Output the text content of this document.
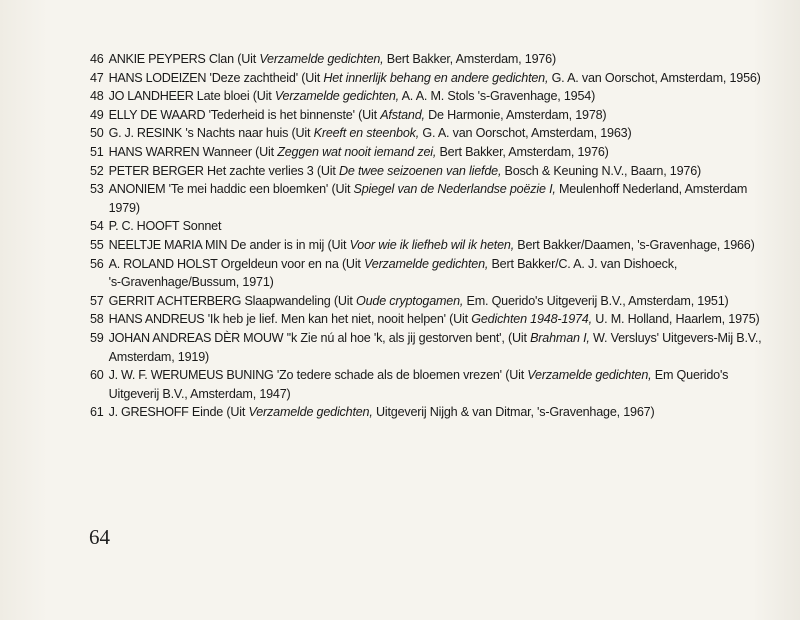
46 ANKIE PEYPERS Clan (Uit Verzamelde gedichten, Bert Bakker, Amsterdam, 1976)
47 HANS LODEIZEN 'Deze zachtheid' (Uit Het innerlijk behang en andere gedichten, G. A. van Oorschot, Amsterdam, 1956)
48 JO LANDHEER Late bloei (Uit Verzamelde gedichten, A. A. M. Stols 's-Gravenhage, 1954)
49 ELLY DE WAARD 'Tederheid is het binnenste' (Uit Afstand, De Harmonie, Amsterdam, 1978)
50 G. J. RESINK 's Nachts naar huis (Uit Kreeft en steenbok, G. A. van Oorschot, Amsterdam, 1963)
51 HANS WARREN Wanneer (Uit Zeggen wat nooit iemand zei, Bert Bakker, Amsterdam, 1976)
52 PETER BERGER Het zachte verlies 3 (Uit De twee seizoenen van liefde, Bosch & Keuning N.V., Baarn, 1976)
53 ANONIEM 'Te mei haddic een bloemken' (Uit Spiegel van de Nederlandse poëzie I, Meulenhoff Nederland, Amsterdam
1979)
54 P. C. HOOFT Sonnet
55 NEELTJE MARIA MIN De ander is in mij (Uit Voor wie ik liefheb wil ik heten, Bert Bakker/Daamen, 's-Gravenhage, 1966)
56 A. ROLAND HOLST Orgeldeun voor en na (Uit Verzamelde gedichten, Bert Bakker/C. A. J. van Dishoeck,
's-Gravenhage/Bussum, 1971)
57 GERRIT ACHTERBERG Slaapwandeling (Uit Oude cryptogamen, Em. Querido's Uitgeverij B.V., Amsterdam, 1951)
58 HANS ANDREUS 'Ik heb je lief. Men kan het niet, nooit helpen' (Uit Gedichten 1948-1974, U. M. Holland, Haarlem, 1975)
59 JOHAN ANDREAS DÈR MOUW ''k Zie nú al hoe 'k, als jij gestorven bent', (Uit Brahman I, W. Versluys' Uitgevers-Mij B.V.,
Amsterdam, 1919)
60 J. W. F. WERUMEUS BUNING 'Zo tedere schade als de bloemen vrezen' (Uit Verzamelde gedichten, Em Querido's
Uitgeverij B.V., Amsterdam, 1947)
61 J. GRESHOFF Einde (Uit Verzamelde gedichten, Uitgeverij Nijgh & van Ditmar, 's-Gravenhage, 1967)
64
